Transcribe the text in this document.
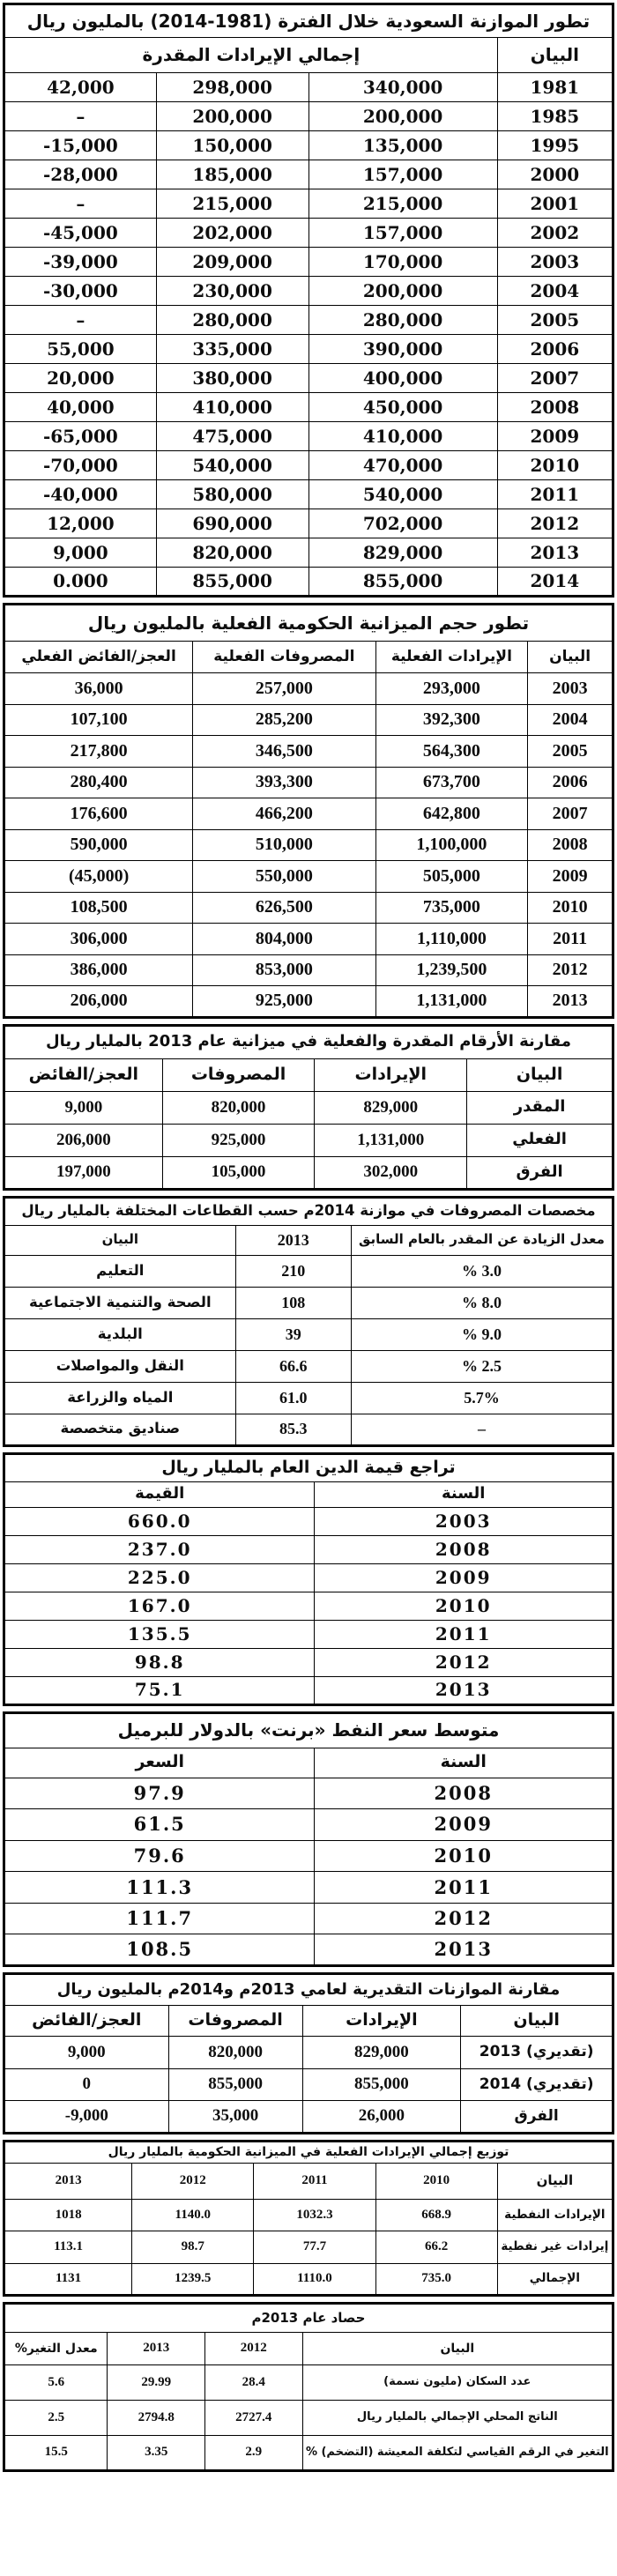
تطور الموازنة السعودية خلال الفترة (1981‏-‏2014) بالمليون ريال			
البيان	إجمالي الإيرادات المقدرة		
1981	340,000	298,000	42,000
1985	200,000	200,000	–
1995	135,000	150,000	-15,000
2000	157,000	185,000	-28,000
2001	215,000	215,000	–
2002	157,000	202,000	-45,000
2003	170,000	209,000	-39,000
2004	200,000	230,000	-30,000
2005	280,000	280,000	–
2006	390,000	335,000	55,000
2007	400,000	380,000	20,000
2008	450,000	410,000	40,000
2009	410,000	475,000	-65,000
2010	470,000	540,000	-70,000
2011	540,000	580,000	-40,000
2012	702,000	690,000	12,000
2013	829,000	820,000	9,000
2014	855,000	855,000	0.000
تطور حجم الميزانية الحكومية الفعلية بالمليون ريال			
البيان	الإيرادات الفعلية	المصروفات الفعلية	العجز/الفائض الفعلي
2003	293,000	257,000	36,000
2004	392,300	285,200	107,100
2005	564,300	346,500	217,800
2006	673,700	393,300	280,400
2007	642,800	466,200	176,600
2008	1,100,000	510,000	590,000
2009	505,000	550,000	(45,000)
2010	735,000	626,500	108,500
2011	1,110,000	804,000	306,000
2012	1,239,500	853,000	386,000
2013	1,131,000	925,000	206,000
مقارنة الأرقام المقدرة والفعلية في ميزانية عام 2013 بالمليار ريال			
البيان	الإيرادات	المصروفات	العجز/الفائض
المقدر	829,000	820,000	9,000
الفعلي	1,131,000	925,000	206,000
الفرق	302,000	105,000	197,000
مخصصات المصروفات في موازنة 2014م حسب القطاعات المختلفة بالمليار ريال		
معدل الزيادة عن المقدر بالعام السابق	2013	البيان
% 3.0	210	التعليم
% 8.0	108	الصحة والتنمية الاجتماعية
% 9.0	39	البلدية
% 2.5	66.6	النقل والمواصلات
5.7%	61.0	المياه والزراعة
–	85.3	صناديق متخصصة
تراجع قيمة الدين العام بالمليار ريال	
السنة	القيمة
2003	660.0
2008	237.0
2009	225.0
2010	167.0
2011	135.5
2012	98.8
2013	75.1
متوسط سعر النفط «برنت» بالدولار للبرميل	
السنة	السعر
2008	97.9
2009	61.5
2010	79.6
2011	111.3
2012	111.7
2013	108.5
مقارنة الموازنات التقديرية لعامي 2013م و2014م بالمليون ريال			
البيان	الإيرادات	المصروفات	العجز/الفائض
(تقديري) 2013	829,000	820,000	9,000
(تقديري) 2014	855,000	855,000	0
الفرق	26,000	35,000	-9,000
توزيع إجمالي الإيرادات الفعلية في الميزانية الحكومية بالمليار ريال				
البيان	2010	2011	2012	2013
الإيرادات النفطية	668.9	1032.3	1140.0	1018
إيرادات غير نفطية	66.2	77.7	98.7	113.1
الإجمالي	735.0	1110.0	1239.5	1131
حصاد عام 2013م			
البيان	2012	2013	معدل التغير%
عدد السكان (مليون نسمة)	28.4	29.99	5.6
الناتج المحلي الإجمالي بالمليار ريال	2727.4	2794.8	2.5
التغير في الرقم القياسي لتكلفة المعيشة (التضخم) %	2.9	3.35	15.5
